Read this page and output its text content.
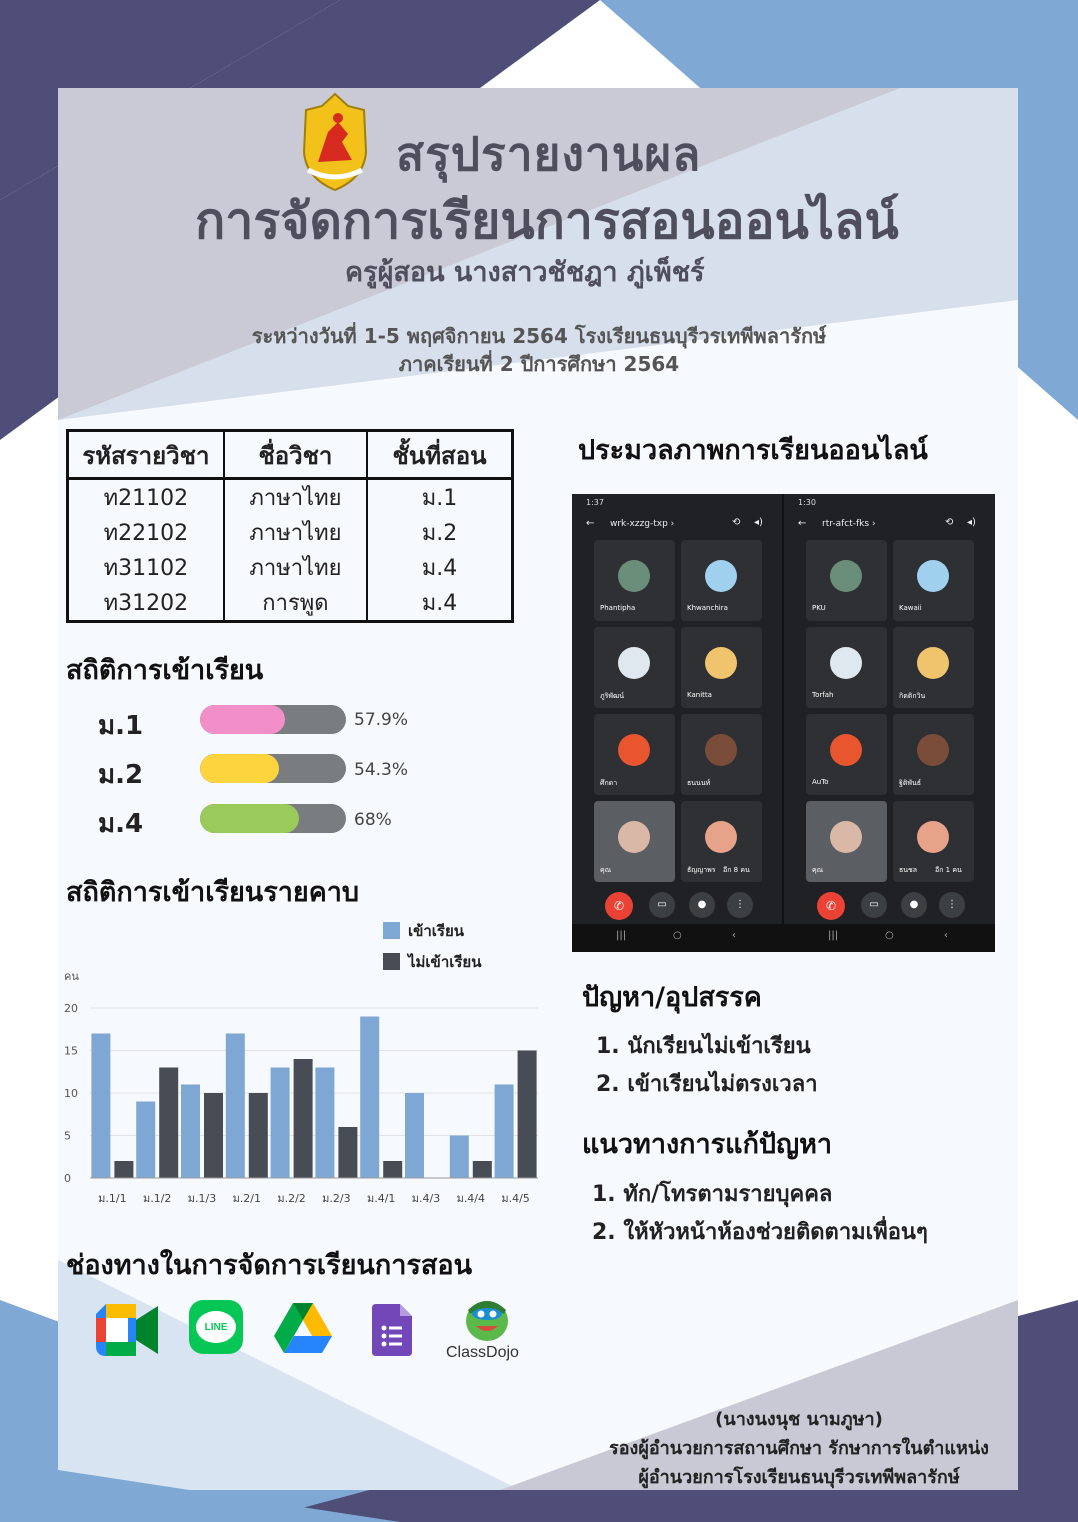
สรุปรายงานผล
การจัดการเรียนการสอนออนไลน์
ครูผู้สอน นางสาวชัชฎา ภู่เพ็ชร์
ระหว่างวันที่ 1-5 พฤศจิกายน 2564 โรงเรียนธนบุรีวรเทพีพลารักษ์
ภาคเรียนที่ 2 ปีการศึกษา 2564
รหัสรายวิชา	ชื่อวิชา	ชั้นที่สอน
ท21102	ภาษาไทย	ม.1
ท22102	ภาษาไทย	ม.2
ท31102	ภาษาไทย	ม.4
ท31202	การพูด	ม.4
สถิติการเข้าเรียน
ม.1	57.9%
ม.2	54.3%
ม.4	68%
สถิติการเข้าเรียนรายคาบ
คน
0
5
10
15
20
ม.1/1 ม.1/2 ม.1/3 ม.2/1 ม.2/2 ม.2/3 ม.4/1 ม.4/3 ม.4/4 ม.4/5
เข้าเรียน
ไม่เข้าเรียน
ประมวลภาพการเรียนออนไลน์
1:37
← wrk-xzzg-txp ›	⟲ ◂)
Phantipha	Khwanchira
ภูริพัฒน์	Kanitta
ศึกดา	ธนนนท์
คุณ	ธัญญาพร อีก 8 คน
✆	▭	●	⋮
|||	○	‹
1:30
← rtr-afct-fks ›	⟲ ◂)
PKU	Kawaii
Torfah	กิตติกวิน
AuTo	ฐิติพันธ์
คุณ	ธนชล	อีก 1 คน
✆	▭	●	⋮
|||	○	‹
ปัญหา/อุปสรรค
1. นักเรียนไม่เข้าเรียน
2. เข้าเรียนไม่ตรงเวลา
แนวทางการแก้ปัญหา
1. ทัก/โทรตามรายบุคคล
2. ให้หัวหน้าห้องช่วยติดตามเพื่อนๆ
ช่องทางในการจัดการเรียนการสอน
LINE
ClassDojo
(นางนงนุช นามภูษา)
รองผู้อำนวยการสถานศึกษา รักษาการในตำแหน่ง
ผู้อำนวยการโรงเรียนธนบุรีวรเทพีพลารักษ์
